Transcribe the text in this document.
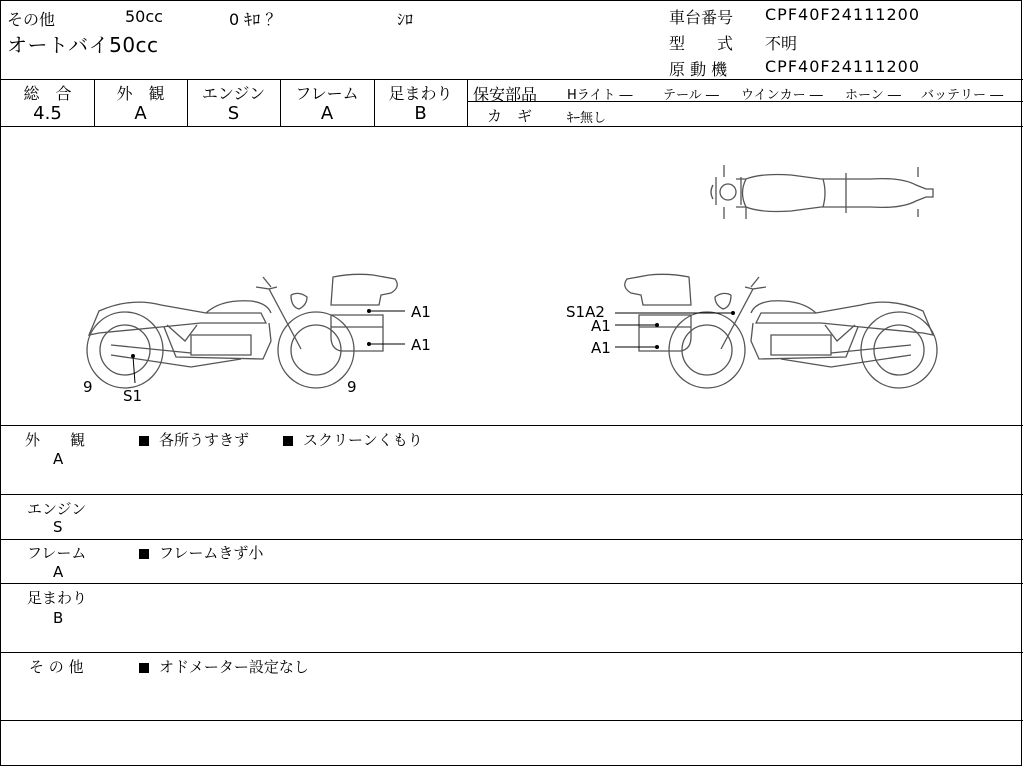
その他	50cc	0 ｷﾛ ？	ｼﾛ
オートバイ50cc
車台番号 CPF40F24111200
型　　式 不明
原 動 機 CPF40F24111200
総　合
4.5
外　観
A
エンジン
S
フレーム
A
足まわり
B
保安部品 Hライト ― テール ― ウインカー ― ホーン ― バッテリー ―
カ　ギ	ｷｰ無し
A1
A1
9	9
S1
S1A2
A1
A1
外　　観
A
各所うすきず	スクリーンくもり
エンジン
S
フレーム
A
フレームきず小
足まわり
B
そ の 他	オドメーター設定なし
